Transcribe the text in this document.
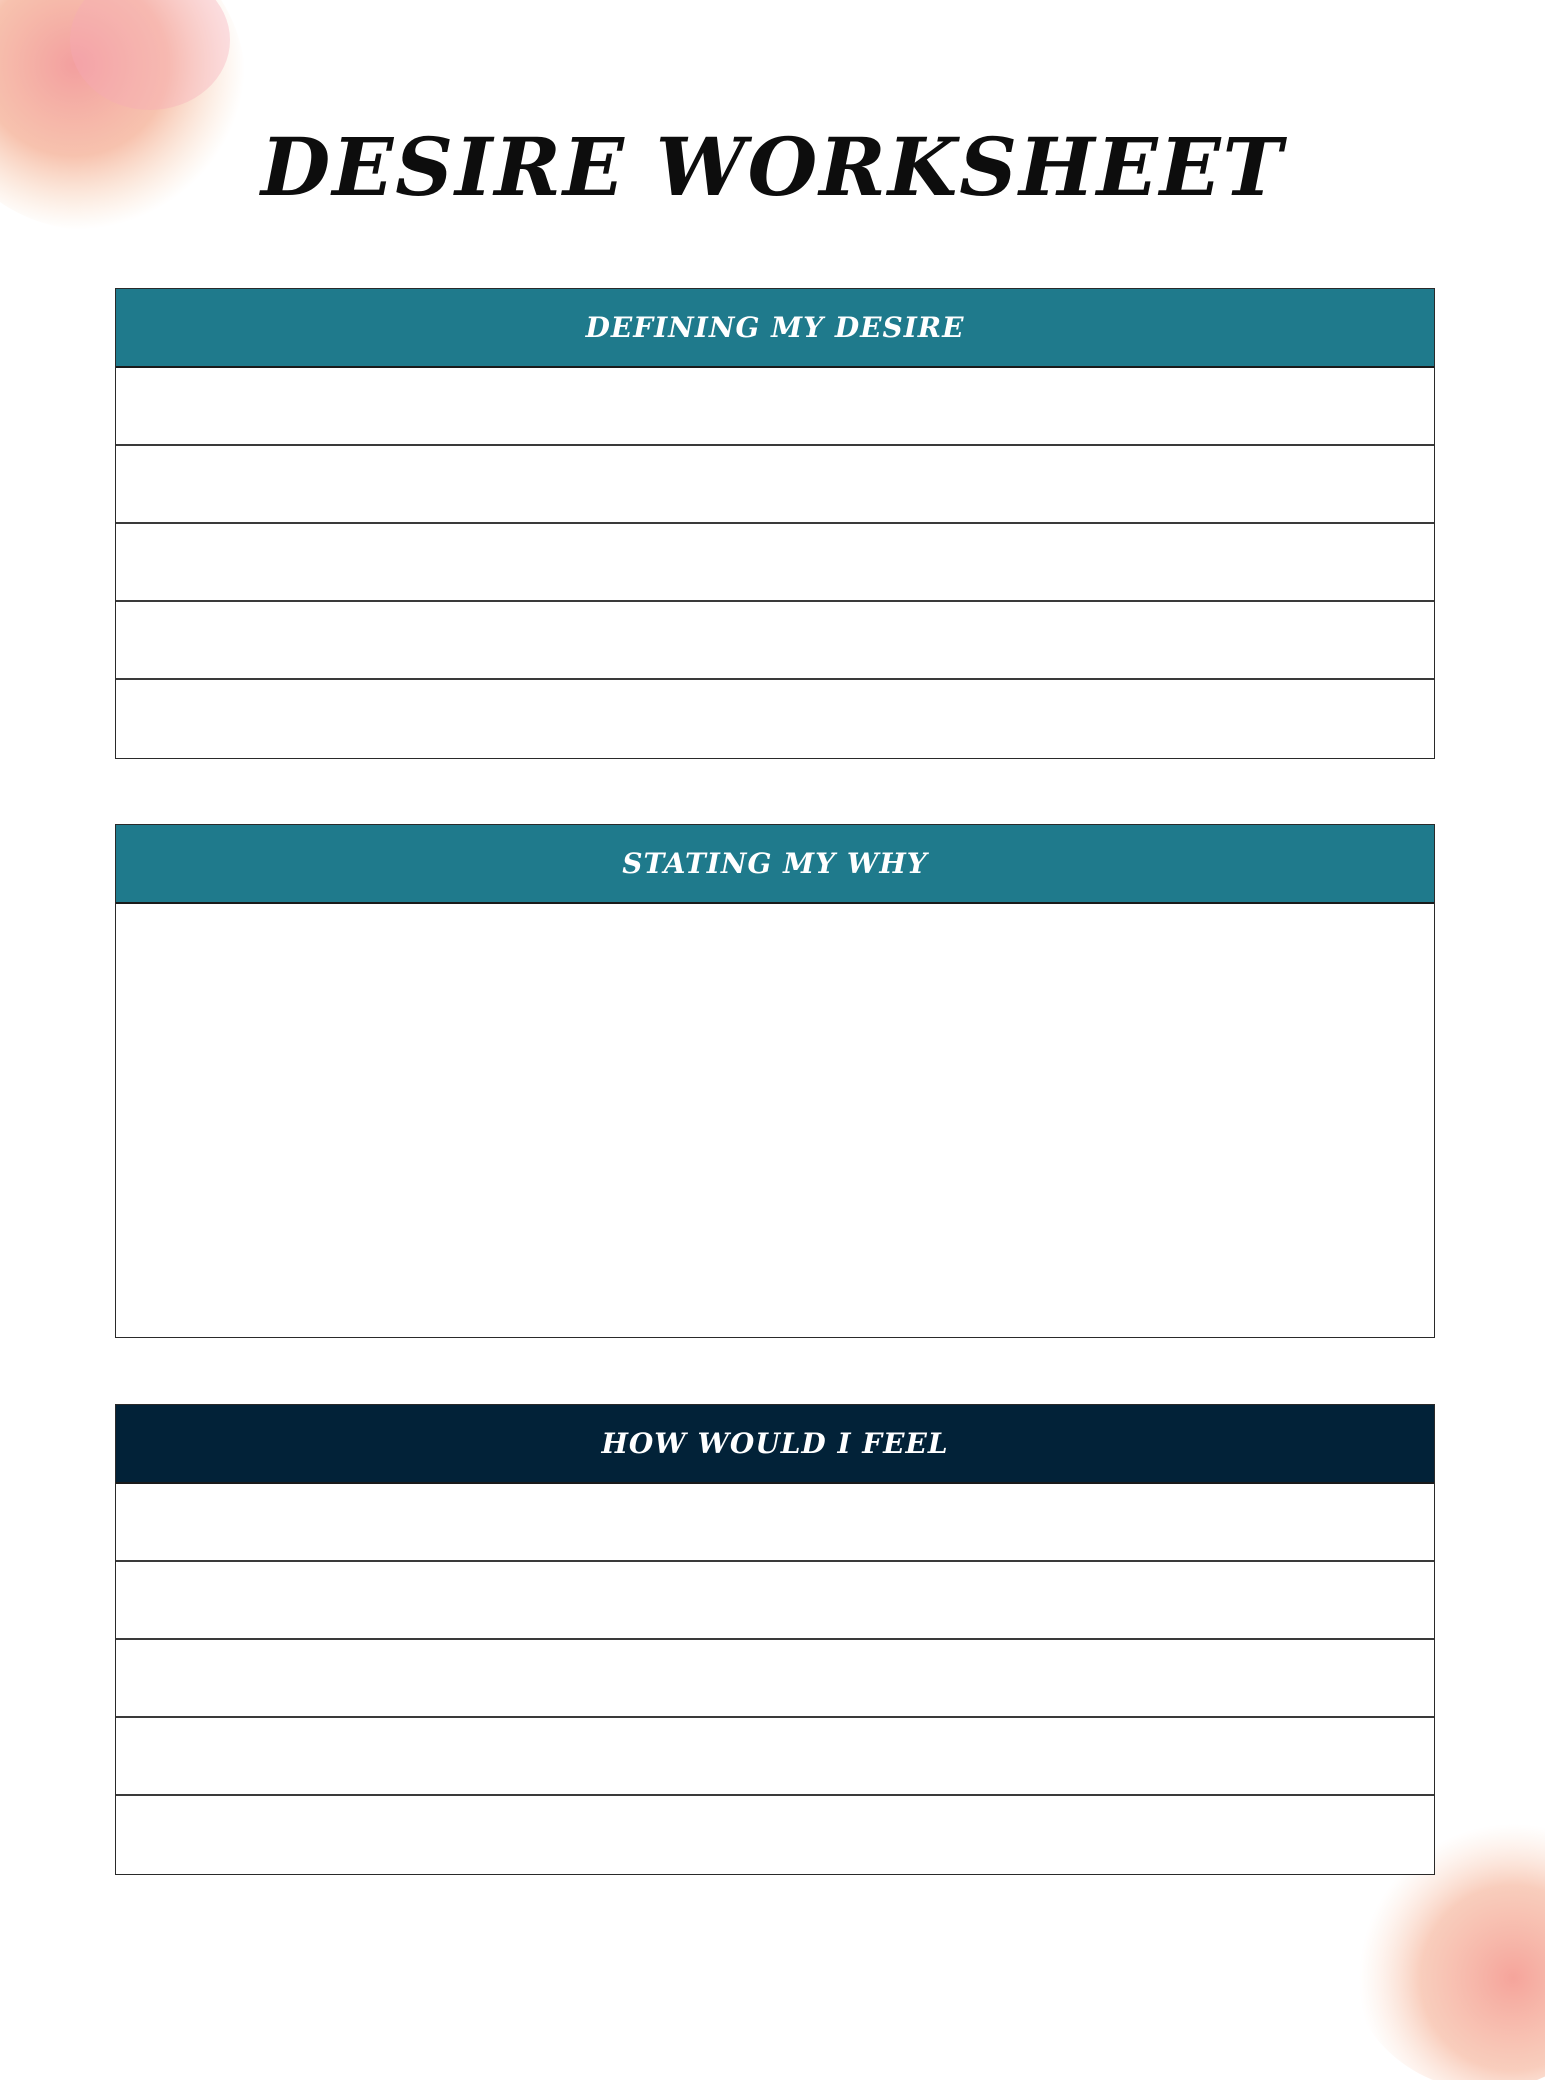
DESIRE WORKSHEET
DEFINING MY DESIRE
STATING MY WHY
HOW WOULD I FEEL
